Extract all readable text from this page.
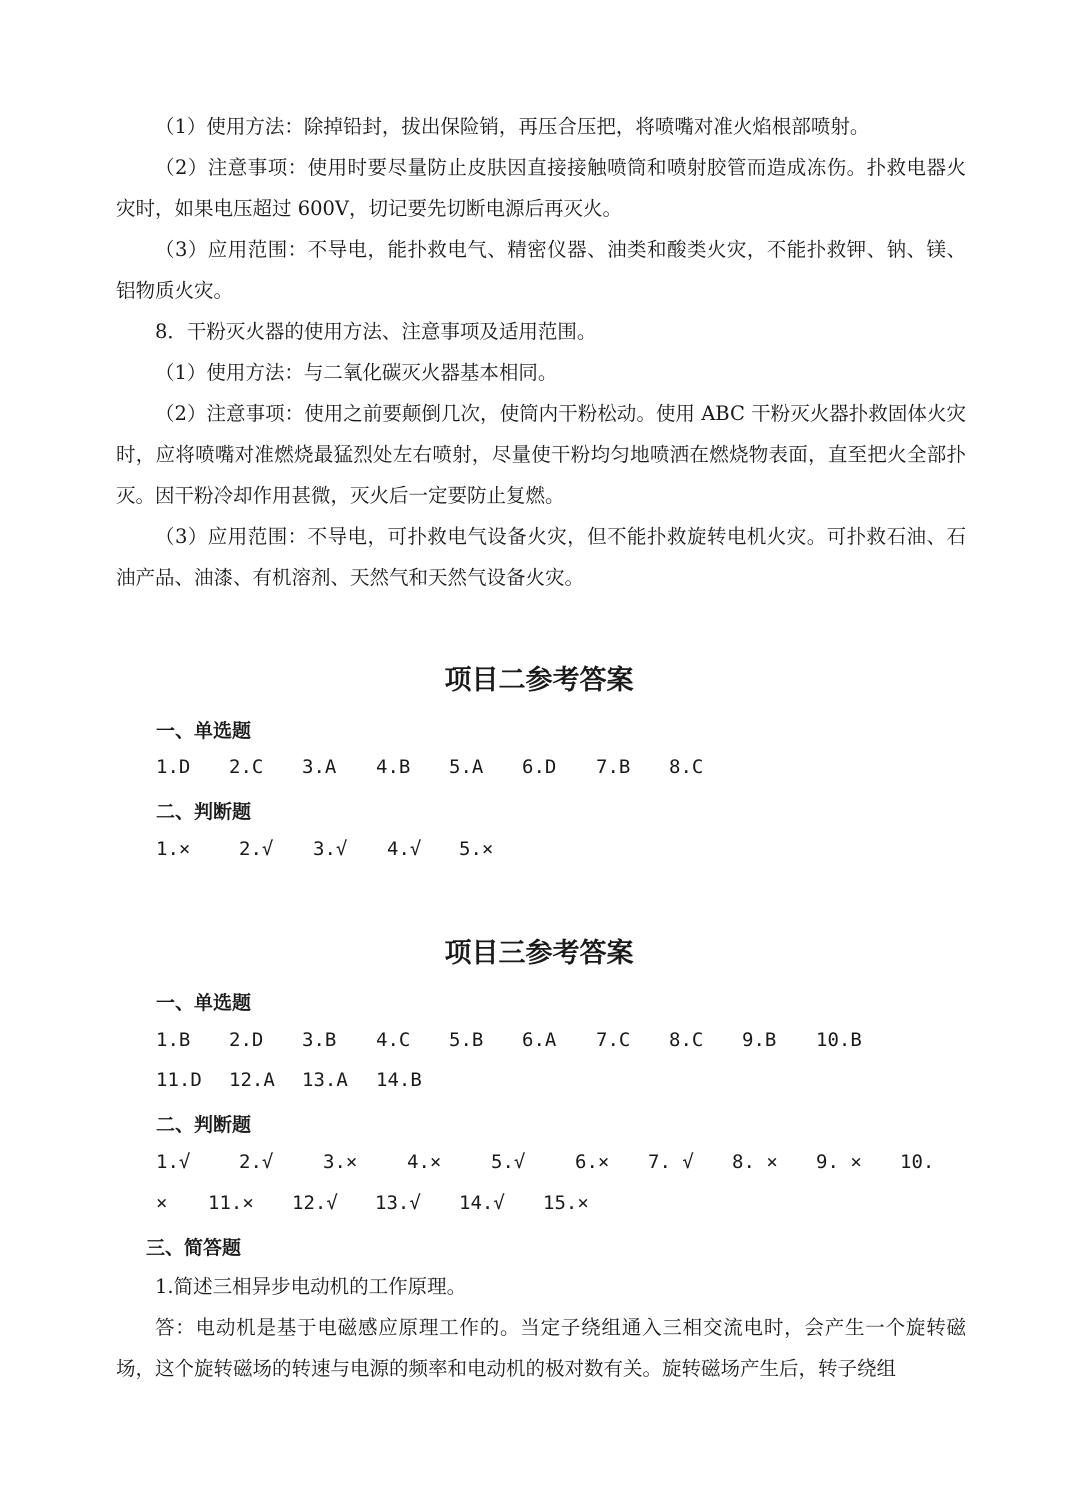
（1）使用方法：除掉铅封，拔出保险销，再压合压把，将喷嘴对准火焰根部喷射。

（2）注意事项：使用时要尽量防止皮肤因直接接触喷筒和喷射胶管而造成冻伤。扑救电器火灾时，如果电压超过 600V，切记要先切断电源后再灭火。

（3）应用范围：不导电，能扑救电气、精密仪器、油类和酸类火灾，不能扑救钾、钠、镁、铝物质火灾。

8．干粉灭火器的使用方法、注意事项及适用范围。

（1）使用方法：与二氧化碳灭火器基本相同。

（2）注意事项：使用之前要颠倒几次，使筒内干粉松动。使用 ABC 干粉灭火器扑救固体火灾时，应将喷嘴对准燃烧最猛烈处左右喷射，尽量使干粉均匀地喷洒在燃烧物表面，直至把火全部扑灭。因干粉冷却作用甚微，灭火后一定要防止复燃。

（3）应用范围：不导电，可扑救电气设备火灾，但不能扑救旋转电机火灾。可扑救石油、石油产品、油漆、有机溶剂、天然气和天然气设备火灾。

项目二参考答案
一、单选题
1.D 2.C 3.A 4.B 5.A 6.D 7.B 8.C
二、判断题
1.×	2.√ 3.√ 4.√ 5.×
项目三参考答案
一、单选题
1.B 2.D 3.B 4.C 5.B 6.A 7.C 8.C 9.B 10.B
11.D 12.A 13.A 14.B
二、判断题
1.√	2.√	3.×	4.×	5.√	6.× 7. √ 8. × 9. × 10.
× 11.× 12.√ 13.√ 14.√ 15.×
三、简答题

1.简述三相异步电动机的工作原理。

答：电动机是基于电磁感应原理工作的。当定子绕组通入三相交流电时，会产生一个旋转磁场，这个旋转磁场的转速与电源的频率和电动机的极对数有关。旋转磁场产生后，转子绕组
